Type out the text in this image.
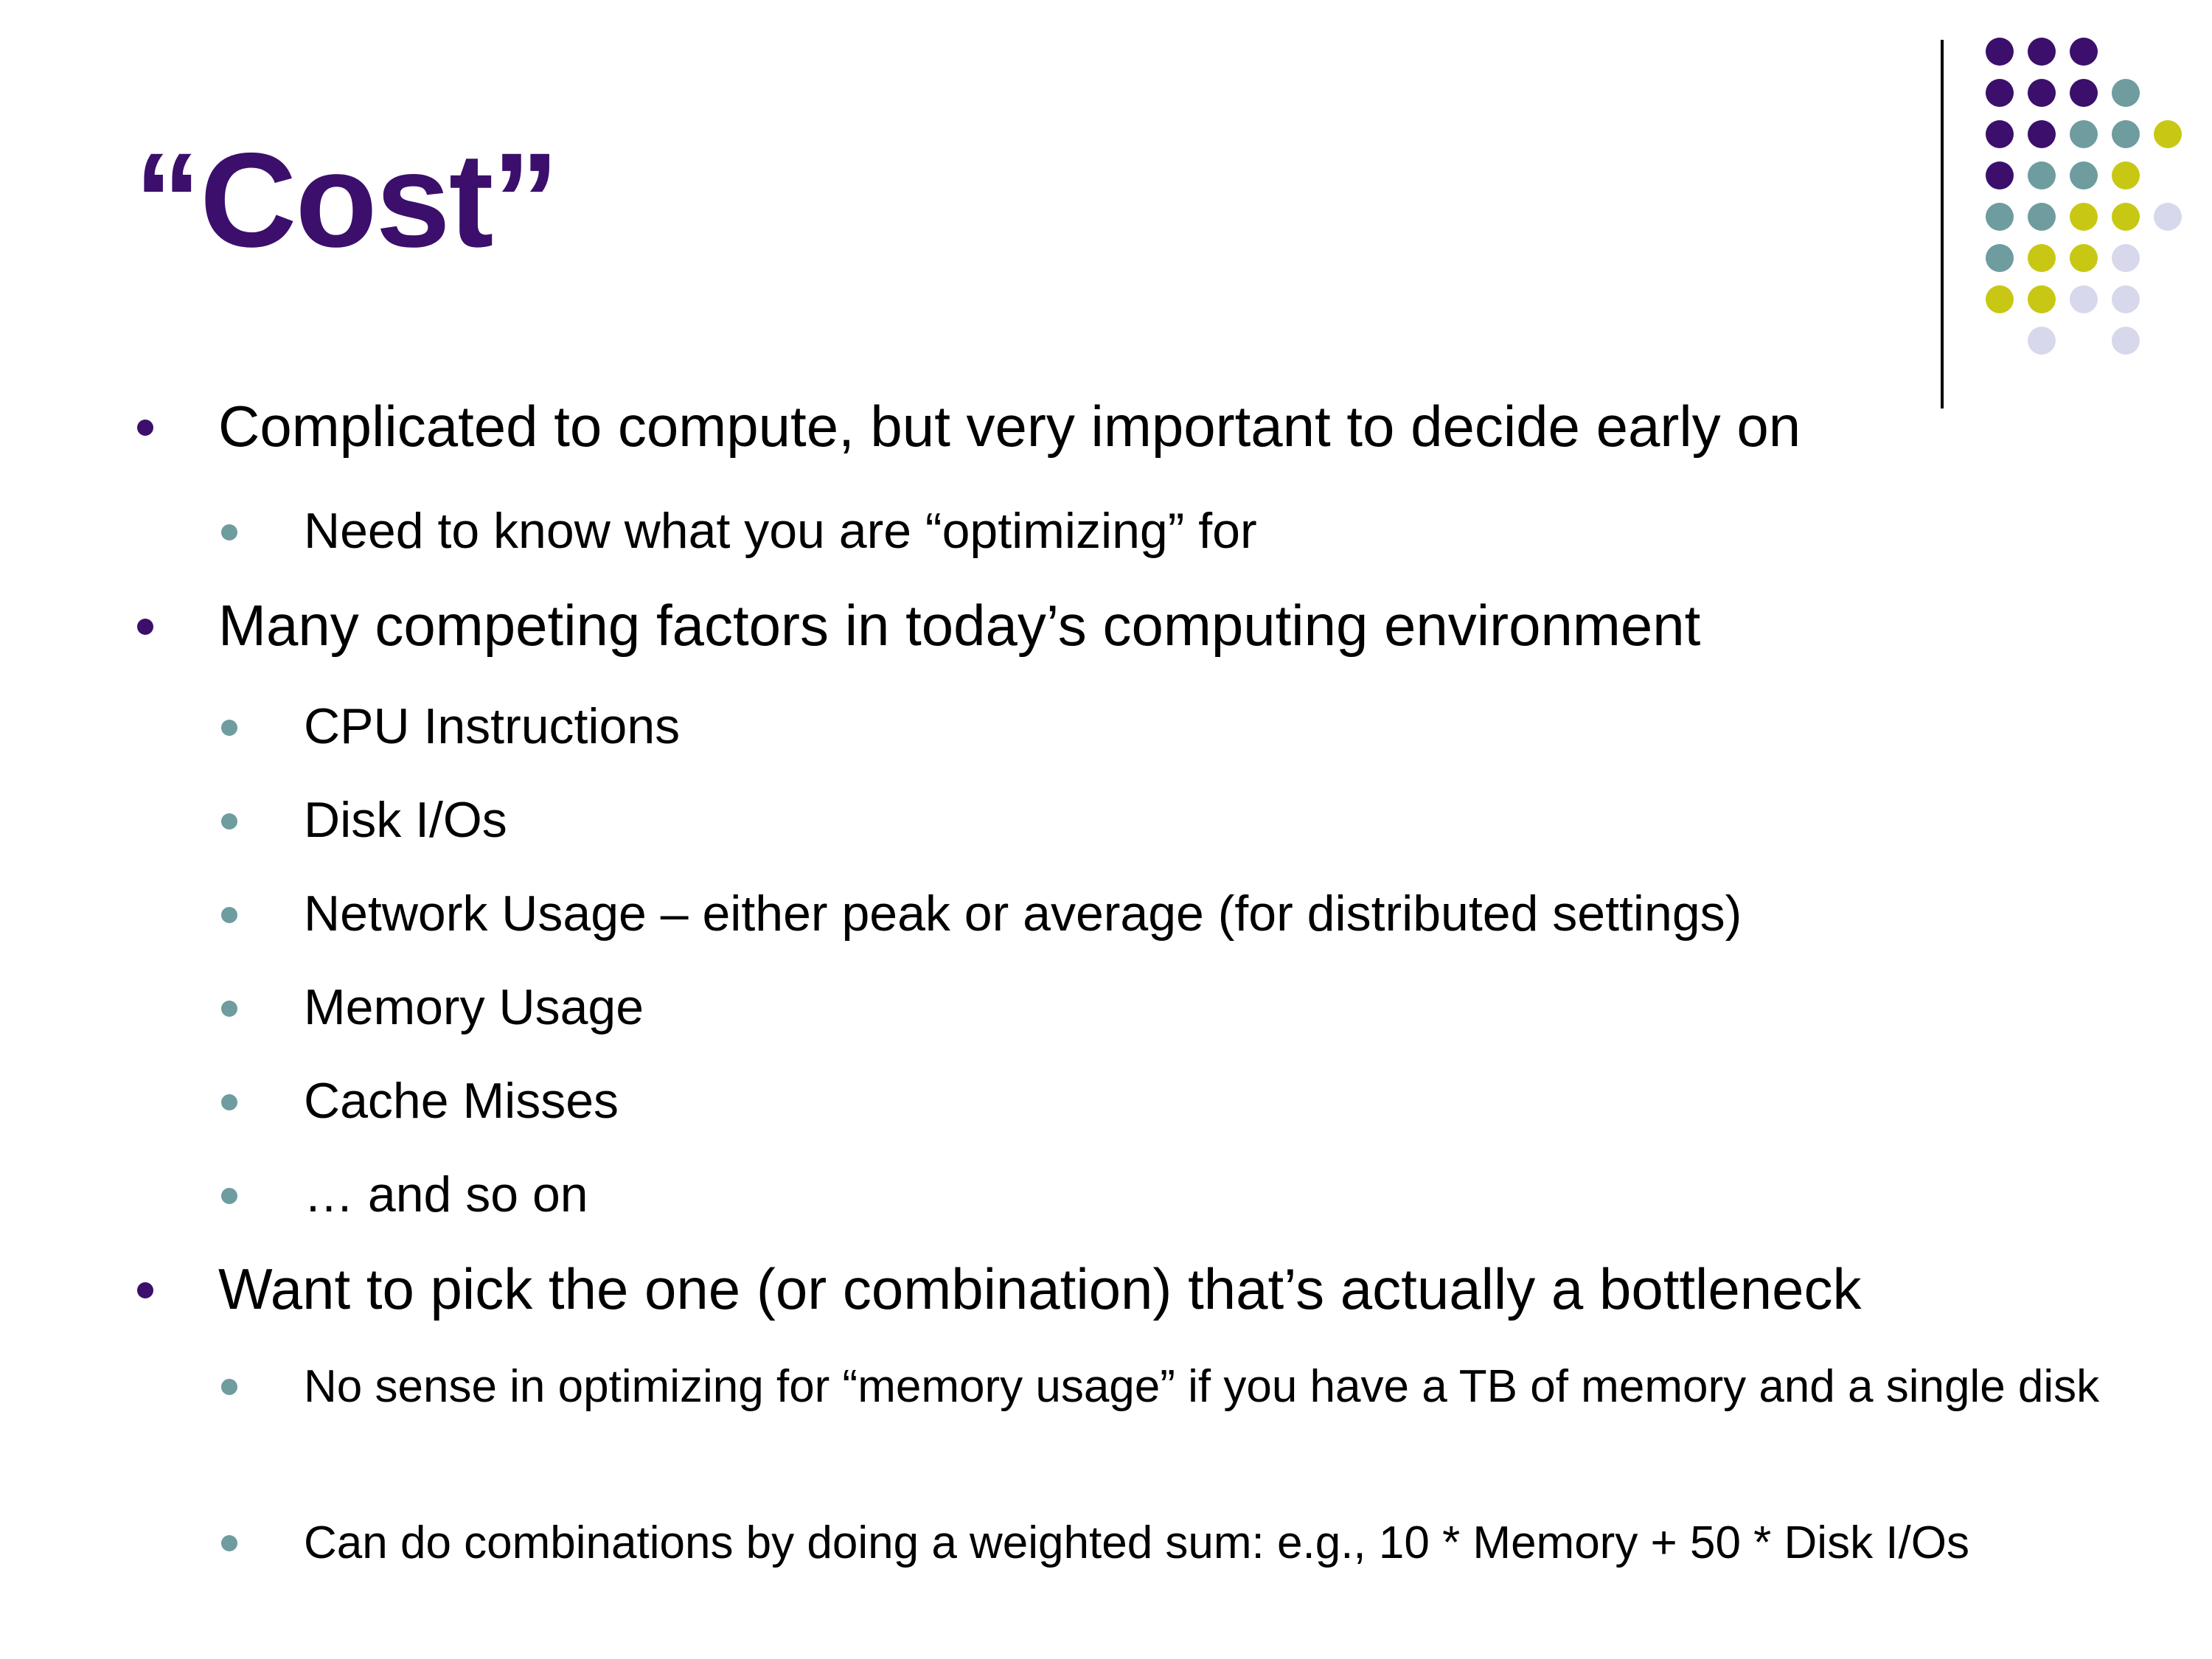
“Cost”
Complicated to compute, but very important to decide early on
Need to know what you are “optimizing” for
Many competing factors in today’s computing environment
CPU Instructions
Disk I/Os
Network Usage – either peak or average (for distributed settings)
Memory Usage
Cache Misses
… and so on
Want to pick the one (or combination) that’s actually a bottleneck
No sense in optimizing for “memory usage” if you have a TB of memory and a single disk
Can do combinations by doing a weighted sum: e.g., 10 * Memory + 50 * Disk I/Os
